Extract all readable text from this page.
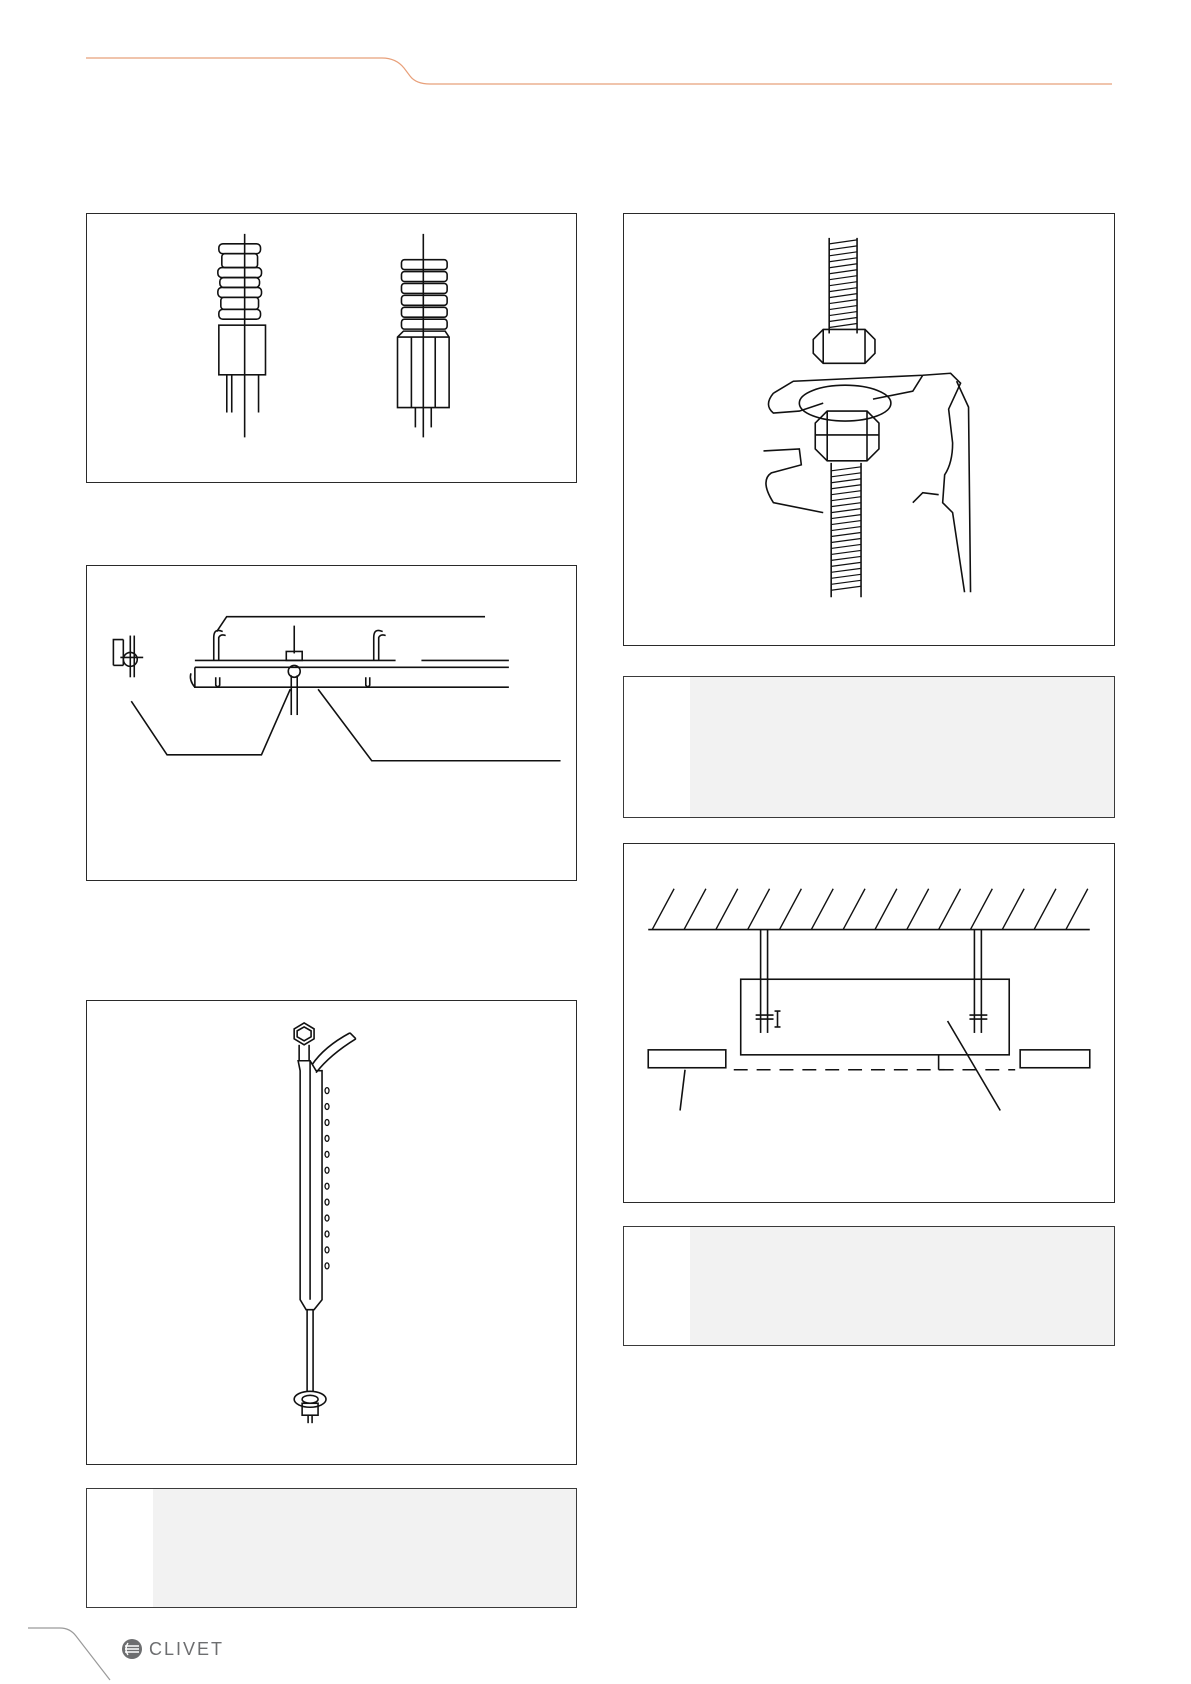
CLIVET
